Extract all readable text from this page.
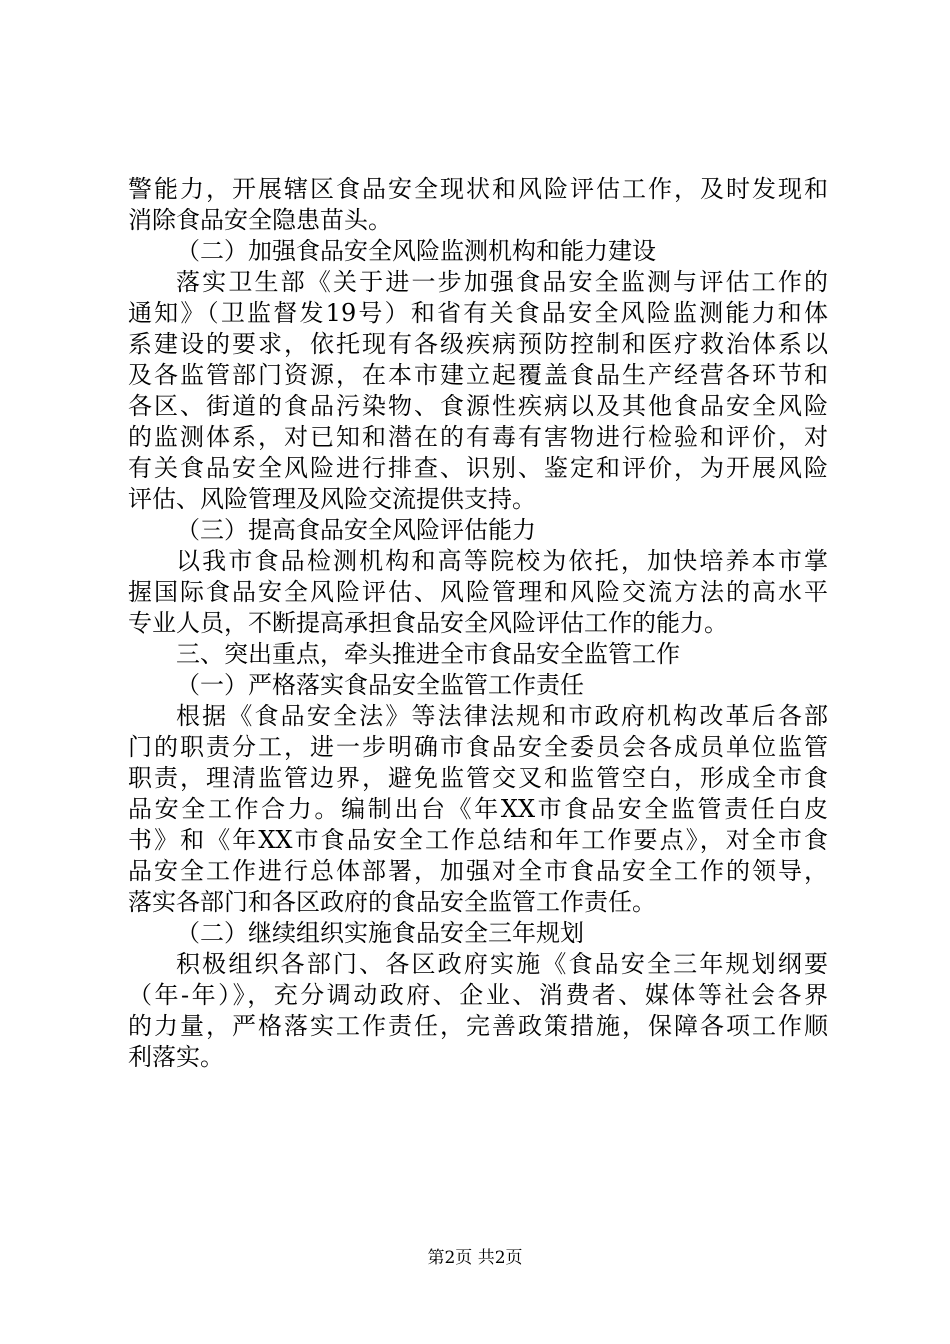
警能力，开展辖区食品安全现状和风险评估工作，及时发现和
消除食品安全隐患苗头。
（二）加强食品安全风险监测机构和能力建设
落实卫生部《关于进一步加强食品安全监测与评估工作的
通知》（卫监督发19号）和省有关食品安全风险监测能力和体
系建设的要求，依托现有各级疾病预防控制和医疗救治体系以
及各监管部门资源，在本市建立起覆盖食品生产经营各环节和
各区、街道的食品污染物、食源性疾病以及其他食品安全风险
的监测体系，对已知和潜在的有毒有害物进行检验和评价，对
有关食品安全风险进行排查、识别、鉴定和评价，为开展风险
评估、风险管理及风险交流提供支持。
（三）提高食品安全风险评估能力
以我市食品检测机构和高等院校为依托，加快培养本市掌
握国际食品安全风险评估、风险管理和风险交流方法的高水平
专业人员，不断提高承担食品安全风险评估工作的能力。
三、突出重点，牵头推进全市食品安全监管工作
（一）严格落实食品安全监管工作责任
根据《食品安全法》等法律法规和市政府机构改革后各部
门的职责分工，进一步明确市食品安全委员会各成员单位监管
职责，理清监管边界，避免监管交叉和监管空白，形成全市食
品安全工作合力。编制出台《年XX市食品安全监管责任白皮
书》和《年XX市食品安全工作总结和年工作要点》，对全市食
品安全工作进行总体部署，加强对全市食品安全工作的领导，
落实各部门和各区政府的食品安全监管工作责任。
（二）继续组织实施食品安全三年规划
积极组织各部门、各区政府实施《食品安全三年规划纲要
（年-年）》，充分调动政府、企业、消费者、媒体等社会各界
的力量，严格落实工作责任，完善政策措施，保障各项工作顺
利落实。
第2页 共2页
